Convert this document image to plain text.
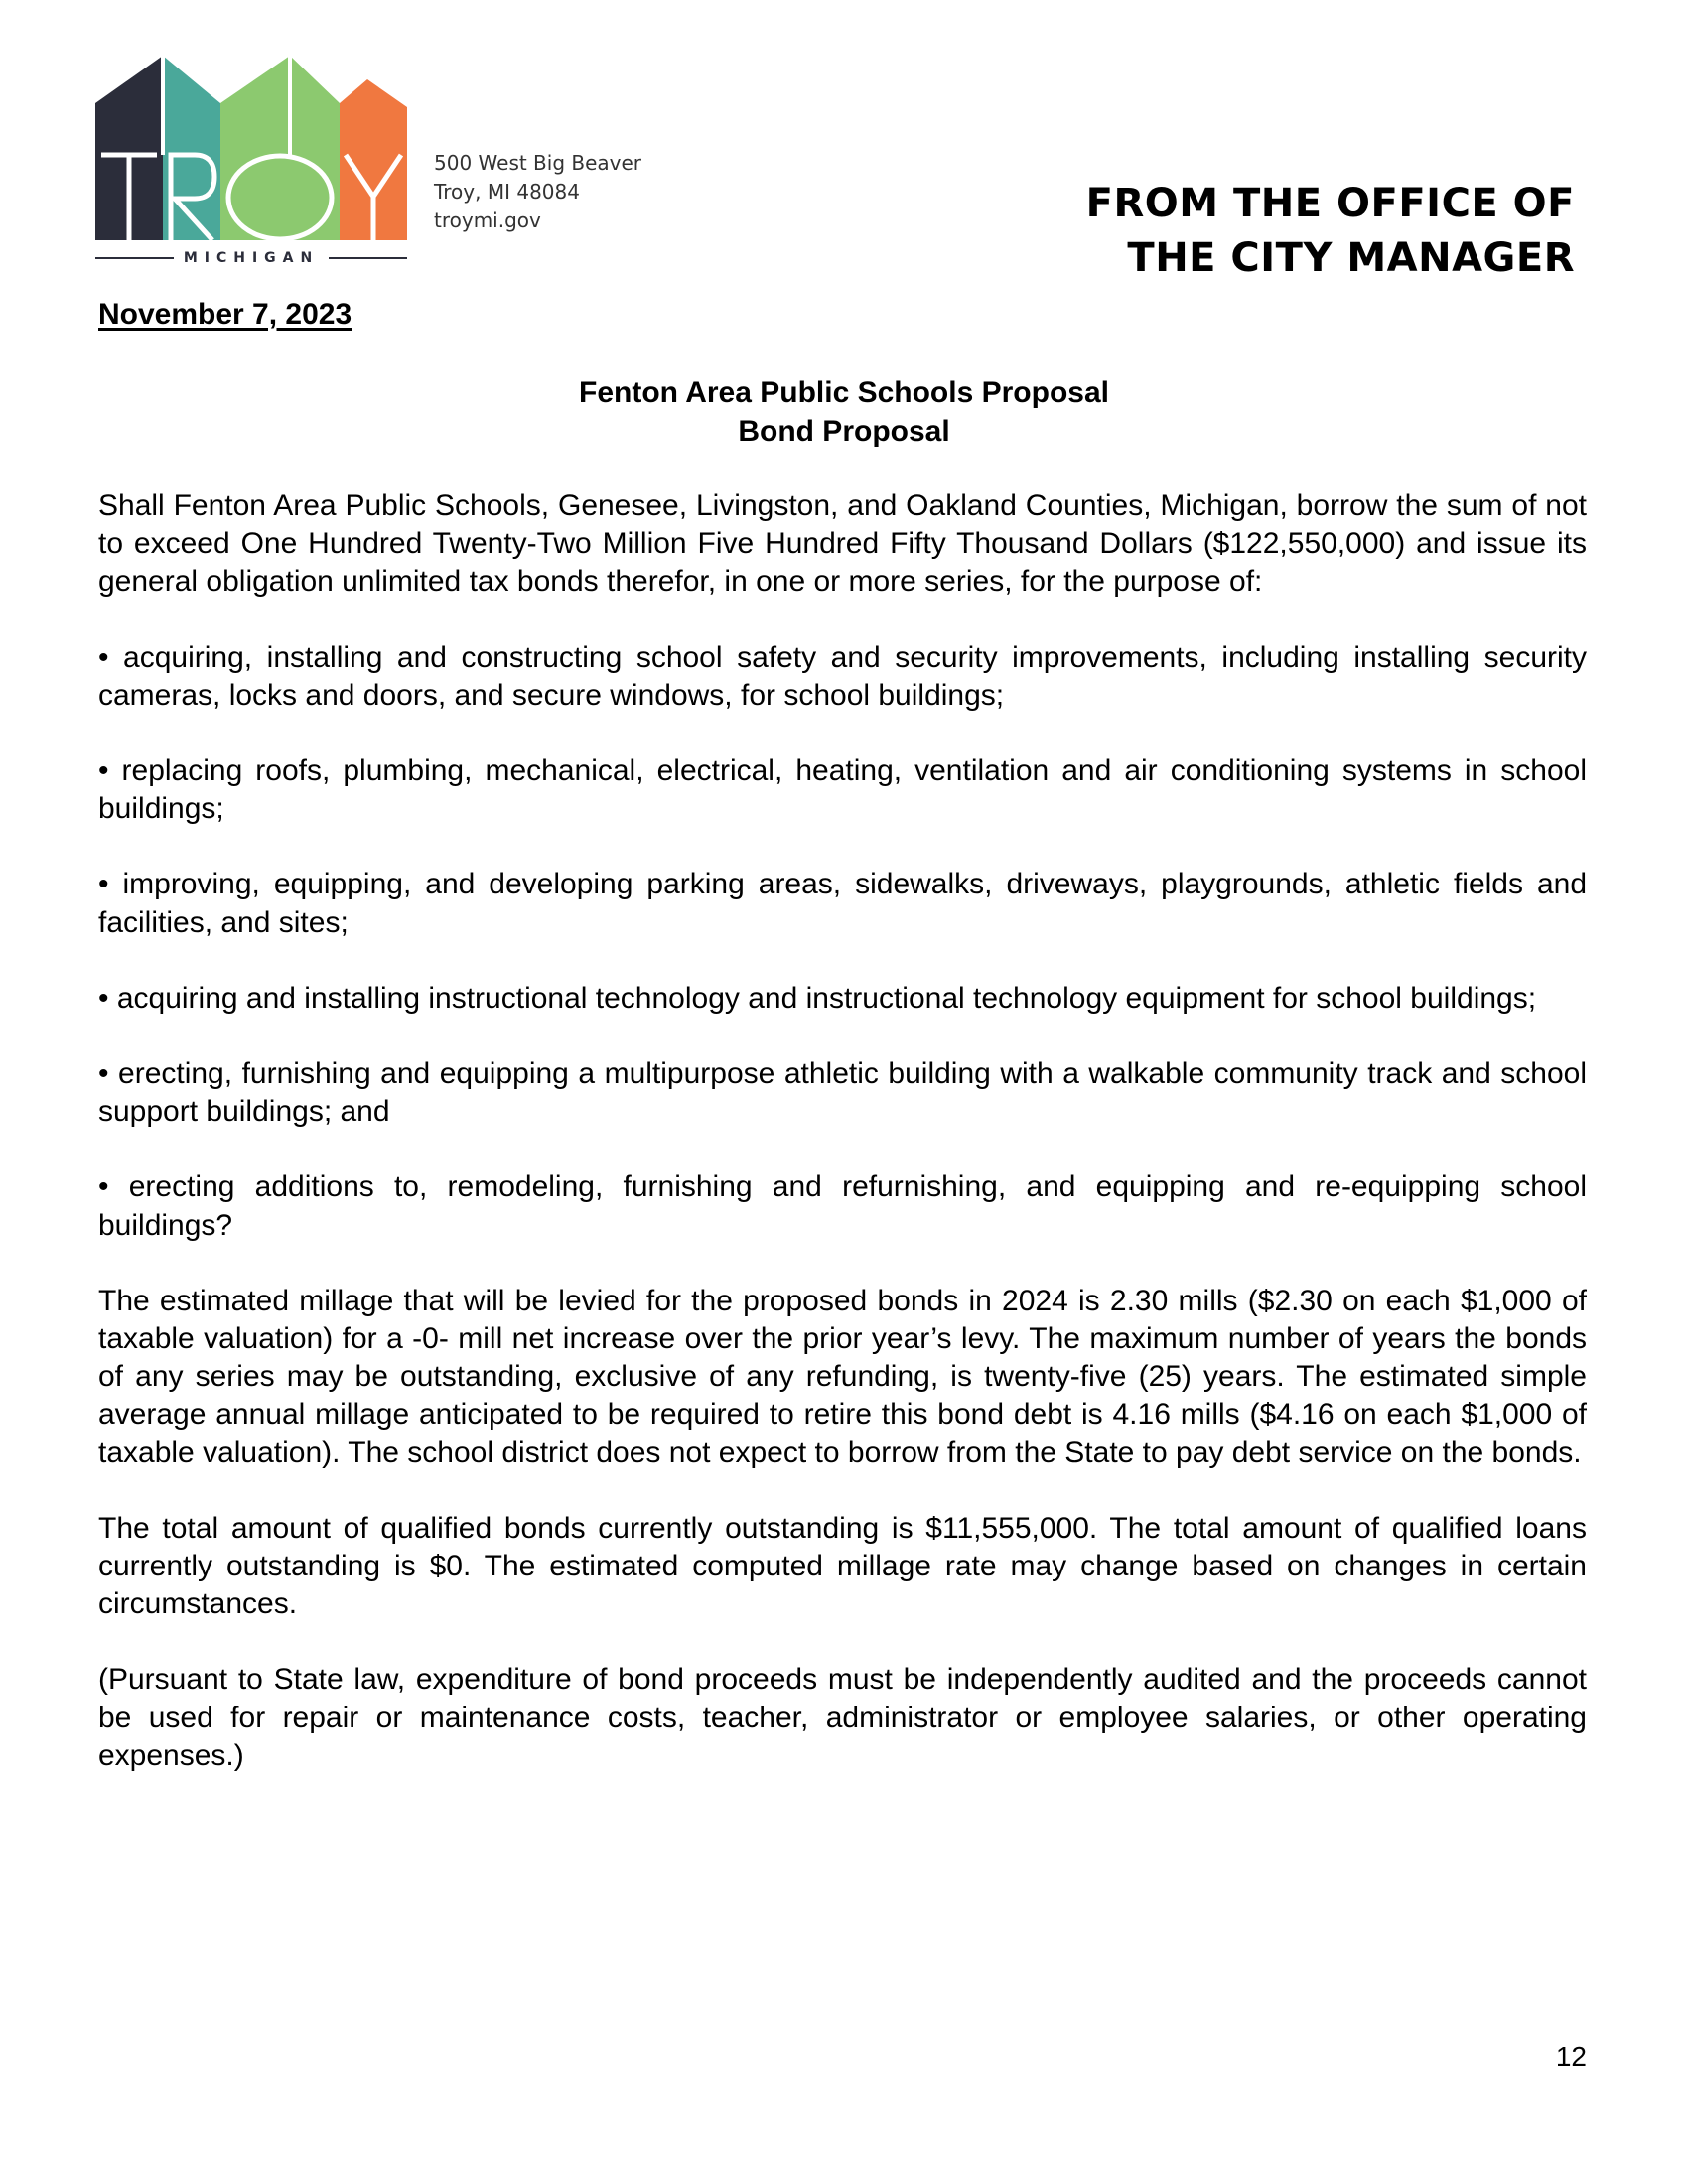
MICHIGAN
500 West Big Beaver
Troy, MI 48084
troymi.gov	FROM THE OFFICE OF
THE CITY MANAGER
November 7, 2023
Fenton Area Public Schools Proposal
Bond Proposal

Shall Fenton Area Public Schools, Genesee, Livingston, and Oakland Counties, Michigan, borrow the sum of not to exceed One Hundred Twenty-Two Million Five Hundred Fifty Thousand Dollars ($122,550,000) and issue its general obligation unlimited tax bonds therefor, in one or more series, for the purpose of:

• acquiring, installing and constructing school safety and security improvements, including installing security cameras, locks and doors, and secure windows, for school buildings;

• replacing roofs, plumbing, mechanical, electrical, heating, ventilation and air conditioning systems in school buildings;

• improving, equipping, and developing parking areas, sidewalks, driveways, playgrounds, athletic fields and facilities, and sites;

• acquiring and installing instructional technology and instructional technology equipment for school buildings;

• erecting, furnishing and equipping a multipurpose athletic building with a walkable community track and school support buildings; and

• erecting additions to, remodeling, furnishing and refurnishing, and equipping and re-equipping school buildings?

The estimated millage that will be levied for the proposed bonds in 2024 is 2.30 mills ($2.30 on each $1,000 of taxable valuation) for a -0- mill net increase over the prior year’s levy. The maximum number of years the bonds of any series may be outstanding, exclusive of any refunding, is twenty-five (25) years. The estimated simple average annual millage anticipated to be required to retire this bond debt is 4.16 mills ($4.16 on each $1,000 of taxable valuation). The school district does not expect to borrow from the State to pay debt service on the bonds.

The total amount of qualified bonds currently outstanding is $11,555,000. The total amount of qualified loans currently outstanding is $0. The estimated computed millage rate may change based on changes in certain circumstances.

(Pursuant to State law, expenditure of bond proceeds must be independently audited and the proceeds cannot be used for repair or maintenance costs, teacher, administrator or employee salaries, or other operating expenses.)

12
